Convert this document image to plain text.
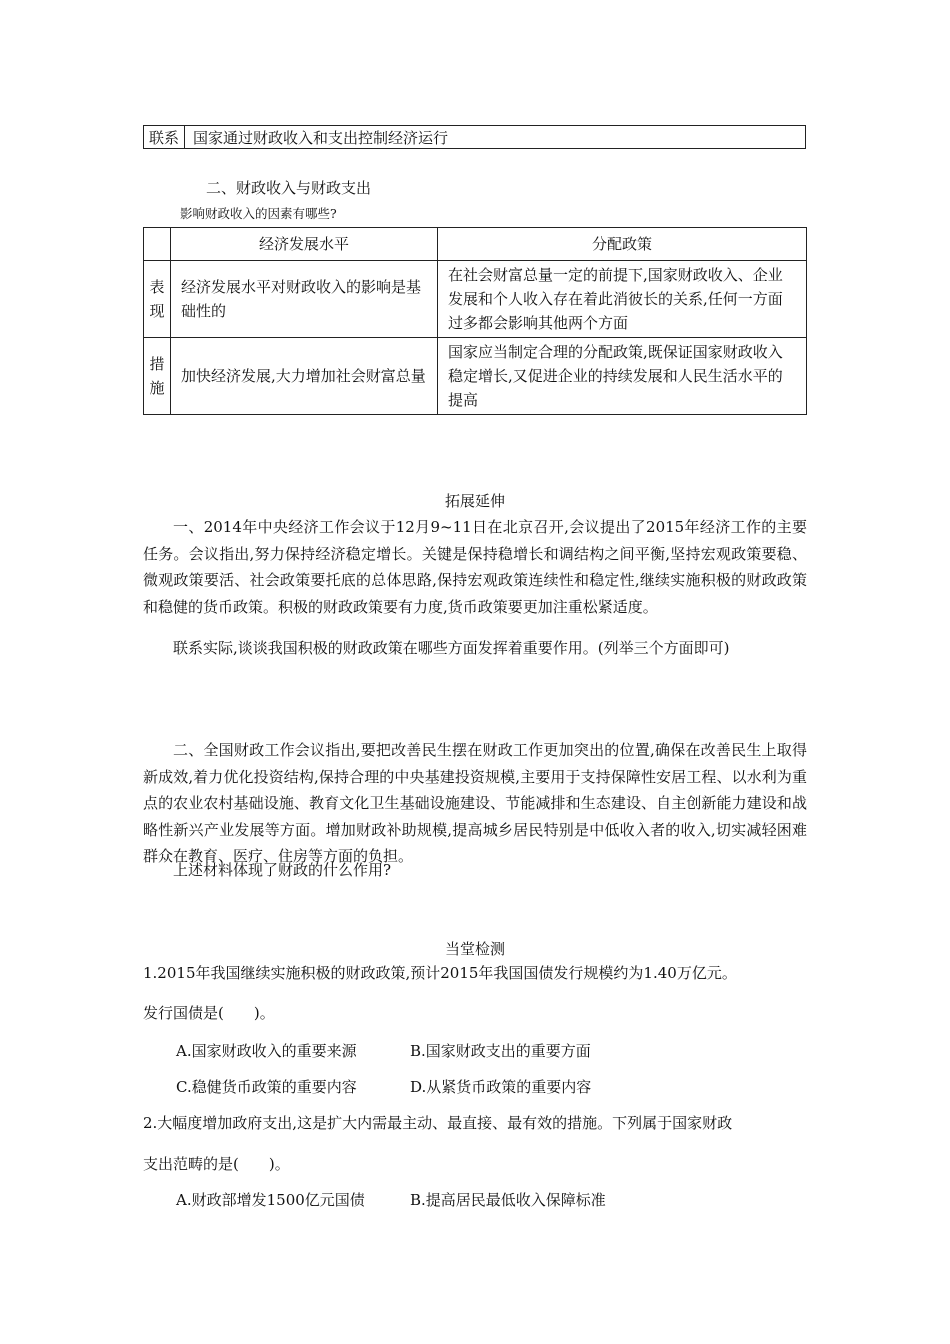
联系 国家通过财政收入和支出控制经济运行
二、财政收入与财政支出
影响财政收入的因素有哪些?
	经济发展水平	分配政策
表现	经济发展水平对财政收入的影响是基础性的	在社会财富总量一定的前提下,国家财政收入、企业发展和个人收入存在着此消彼长的关系,任何一方面过多都会影响其他两个方面
措施	加快经济发展,大力增加社会财富总量	国家应当制定合理的分配政策,既保证国家财政收入稳定增长,又促进企业的持续发展和人民生活水平的提高
拓展延伸
一、2014年中央经济工作会议于12月9~11日在北京召开,会议提出了2015年经济工作的主要任务。会议指出,努力保持经济稳定增长。关键是保持稳增长和调结构之间平衡,坚持宏观政策要稳、微观政策要活、社会政策要托底的总体思路,保持宏观政策连续性和稳定性,继续实施积极的财政政策和稳健的货币政策。积极的财政政策要有力度,货币政策要更加注重松紧适度。
联系实际,谈谈我国积极的财政政策在哪些方面发挥着重要作用。(列举三个方面即可)
二、全国财政工作会议指出,要把改善民生摆在财政工作更加突出的位置,确保在改善民生上取得新成效,着力优化投资结构,保持合理的中央基建投资规模,主要用于支持保障性安居工程、以水利为重点的农业农村基础设施、教育文化卫生基础设施建设、节能减排和生态建设、自主创新能力建设和战略性新兴产业发展等方面。增加财政补助规模,提高城乡居民特别是中低收入者的收入,切实减轻困难群众在教育、医疗、住房等方面的负担。
上述材料体现了财政的什么作用?
当堂检测
1.2015年我国继续实施积极的财政政策,预计2015年我国国债发行规模约为1.40万亿元。
发行国债是(　　)。
A.国家财政收入的重要来源	B.国家财政支出的重要方面
C.稳健货币政策的重要内容	D.从紧货币政策的重要内容
2.大幅度增加政府支出,这是扩大内需最主动、最直接、最有效的措施。下列属于国家财政
支出范畴的是(　　)。
A.财政部增发1500亿元国债	B.提高居民最低收入保障标准
